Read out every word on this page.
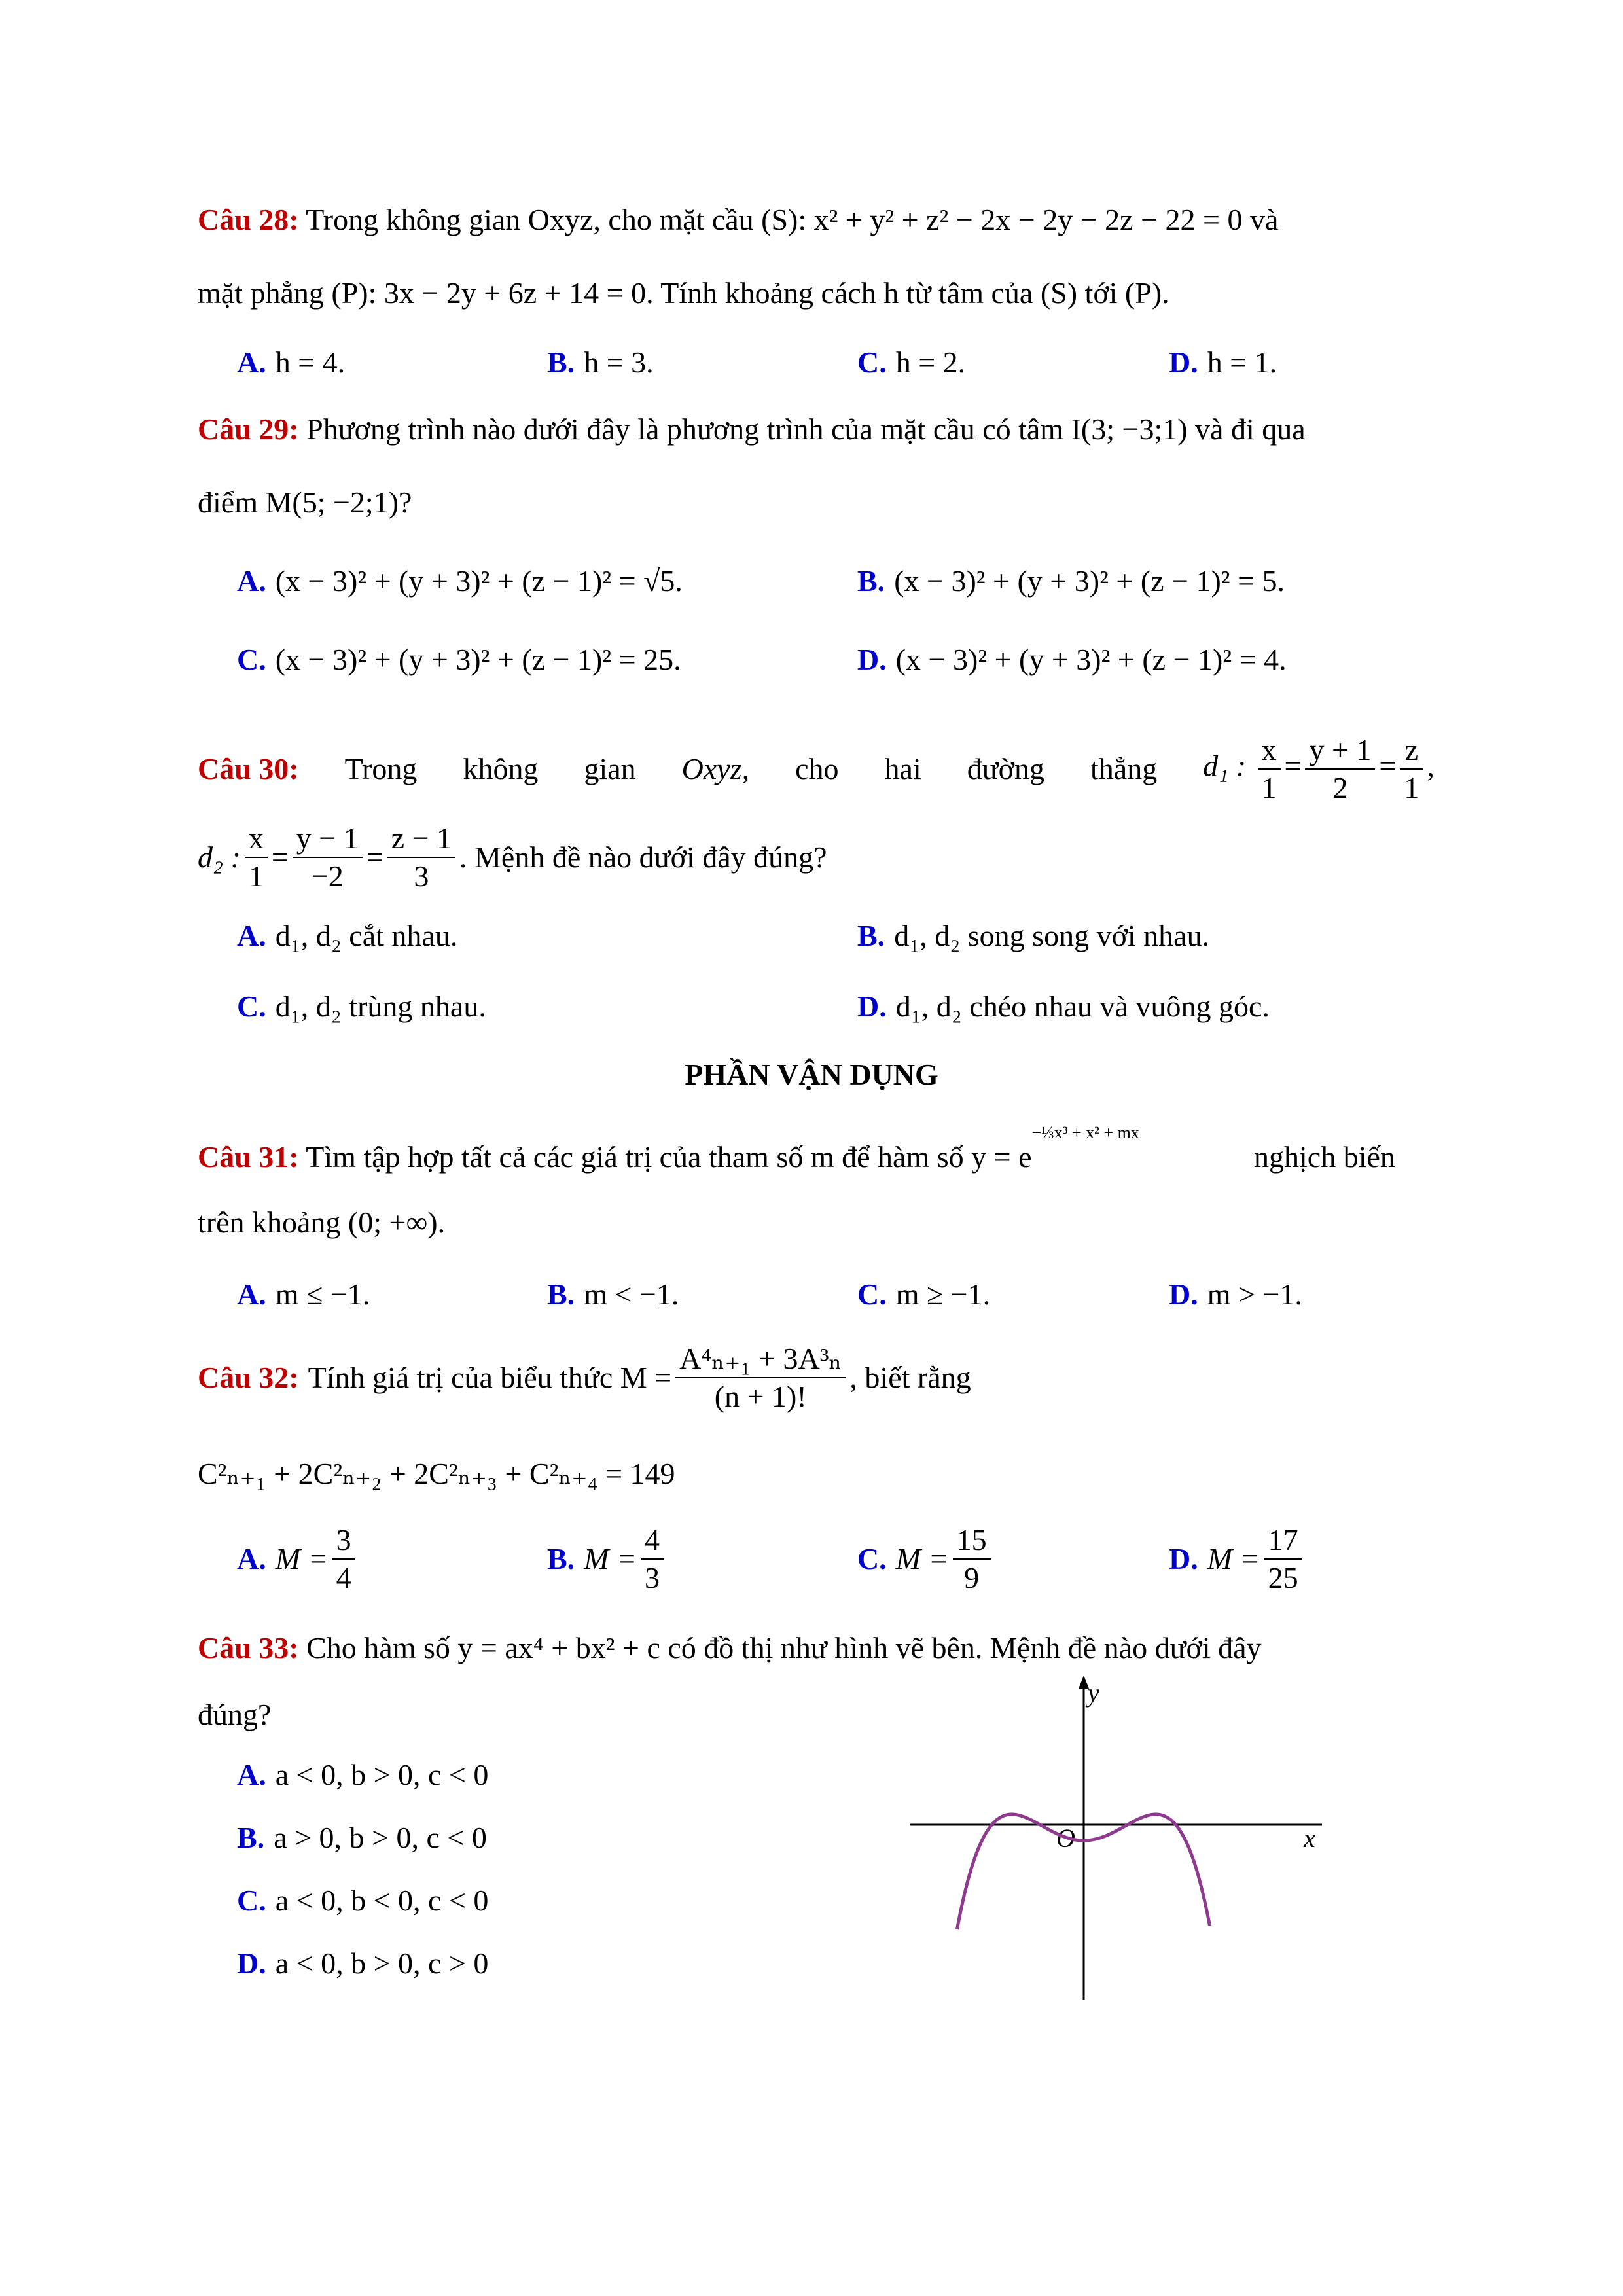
Câu 28: Trong không gian Oxyz, cho mặt cầu (S): x² + y² + z² − 2x − 2y − 2z − 22 = 0 và
mặt phẳng (P): 3x − 2y + 6z + 14 = 0. Tính khoảng cách h từ tâm của (S) tới (P).
A. h = 4.	B. h = 3.	C. h = 2.	D. h = 1.
Câu 29: Phương trình nào dưới đây là phương trình của mặt cầu có tâm I(3; −3;1) và đi qua
điểm M(5; −2;1)?
A. (x − 3)² + (y + 3)² + (z − 1)² = √5.	B. (x − 3)² + (y + 3)² + (z − 1)² = 5.
C. (x − 3)² + (y + 3)² + (z − 1)² = 25.	D. (x − 3)² + (y + 3)² + (z − 1)² = 4.
Câu 30: Trong không gian Oxyz, cho hai đường thẳng d₁ : $\frac{x}{1} = \frac{y + 1}{2} = \frac{z}{1}$ ,
d₂ : $\frac{x}{1} = \frac{y - 1}{-2} = \frac{z - 1}{3}$ . Mệnh đề nào dưới đây đúng?
A. d₁, d₂ cắt nhau.	B. d₁, d₂ song song với nhau.
C. d₁, d₂ trùng nhau.	D. d₁, d₂ chéo nhau và vuông góc.
PHẦN VẬN DỤNG
Câu 31: Tìm tập hợp tất cả các giá trị của tham số m để hàm số $y = e^{-\frac{1}{3}x^3 + x^2 + mx}$
nghịch biến
trên khoảng (0; +∞).
A. m ≤ −1.	B. m < −1.	C. m ≥ −1.	D. m > −1.
Câu 32: Tính giá trị của biểu thức $M = \frac{\text{A⁴ₙ₊₁ + 3A³ₙ}}{(n + 1)!}$ , biết rằng
C²ₙ₊₁ + 2C²ₙ₊₂ + 2C²ₙ₊₃ + C²ₙ₊₄ = 149
A. $M = \frac{3}{4}$	B. $M = \frac{4}{3}$	C. $M = \frac{15}{9}$	D. $M = \frac{17}{25}$
Câu 33: Cho hàm số y = ax⁴ + bx² + c có đồ thị như hình vẽ bên. Mệnh đề nào dưới đây
đúng?
A. a < 0, b > 0, c < 0
B. a > 0, b > 0, c < 0
C. a < 0, b < 0, c < 0
D. a < 0, b > 0, c > 0
y
x
O
